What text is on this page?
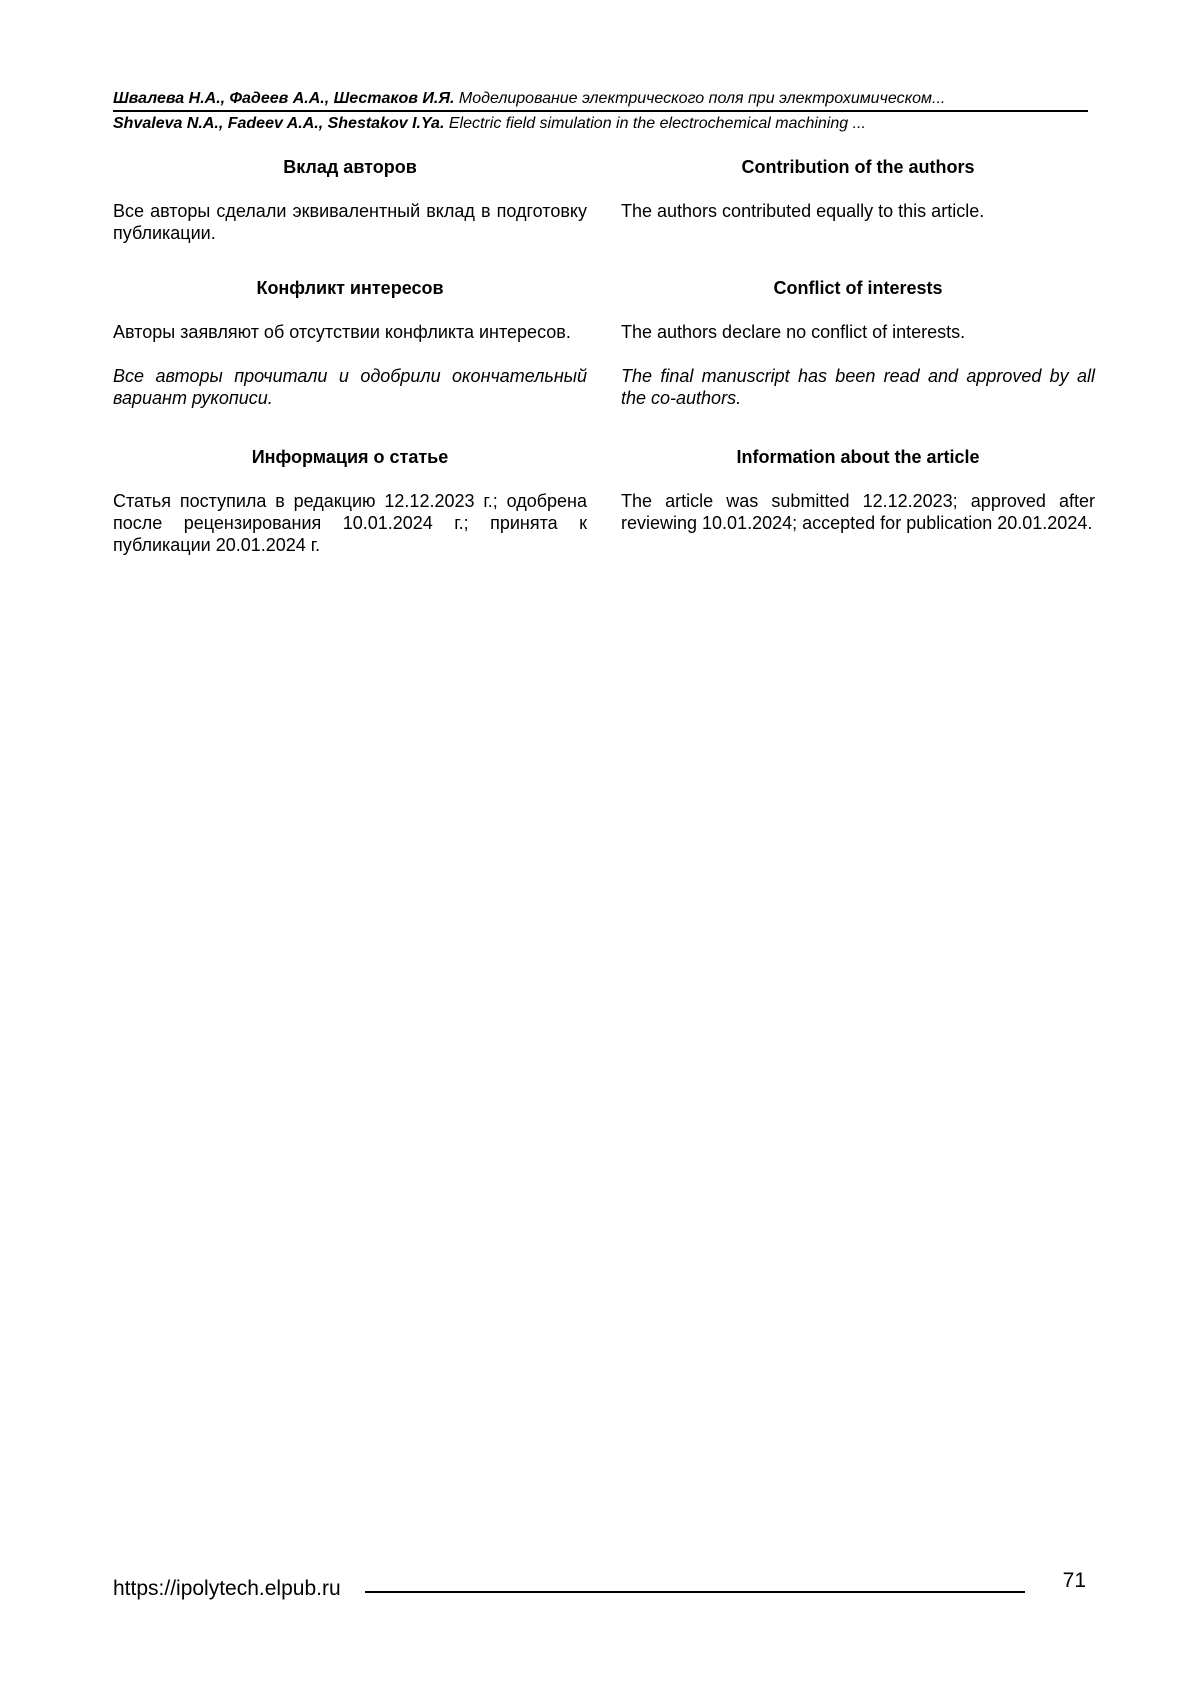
Швалева Н.А., Фадеев А.А., Шестаков И.Я. Моделирование электрического поля при электрохимическом...
Shvaleva N.A., Fadeev A.A., Shestakov I.Ya. Electric field simulation in the electrochemical machining ...

Вклад авторов

Все авторы сделали эквивалентный вклад в подготовку публикации.

Contribution of the authors

The authors contributed equally to this article.

Конфликт интересов

Авторы заявляют об отсутствии конфликта интересов.

Все авторы прочитали и одобрили окончательный вариант рукописи.

Conflict of interests

The authors declare no conflict of interests.

The final manuscript has been read and approved by all the co-authors.

Информация о статье

Статья поступила в редакцию 12.12.2023 г.; одобрена после рецензирования 10.01.2024 г.; принята к публикации 20.01.2024 г.

Information about the article

The article was submitted 12.12.2023; approved after reviewing 10.01.2024; accepted for publication 20.01.2024.

https://ipolytech.elpub.ru	71
